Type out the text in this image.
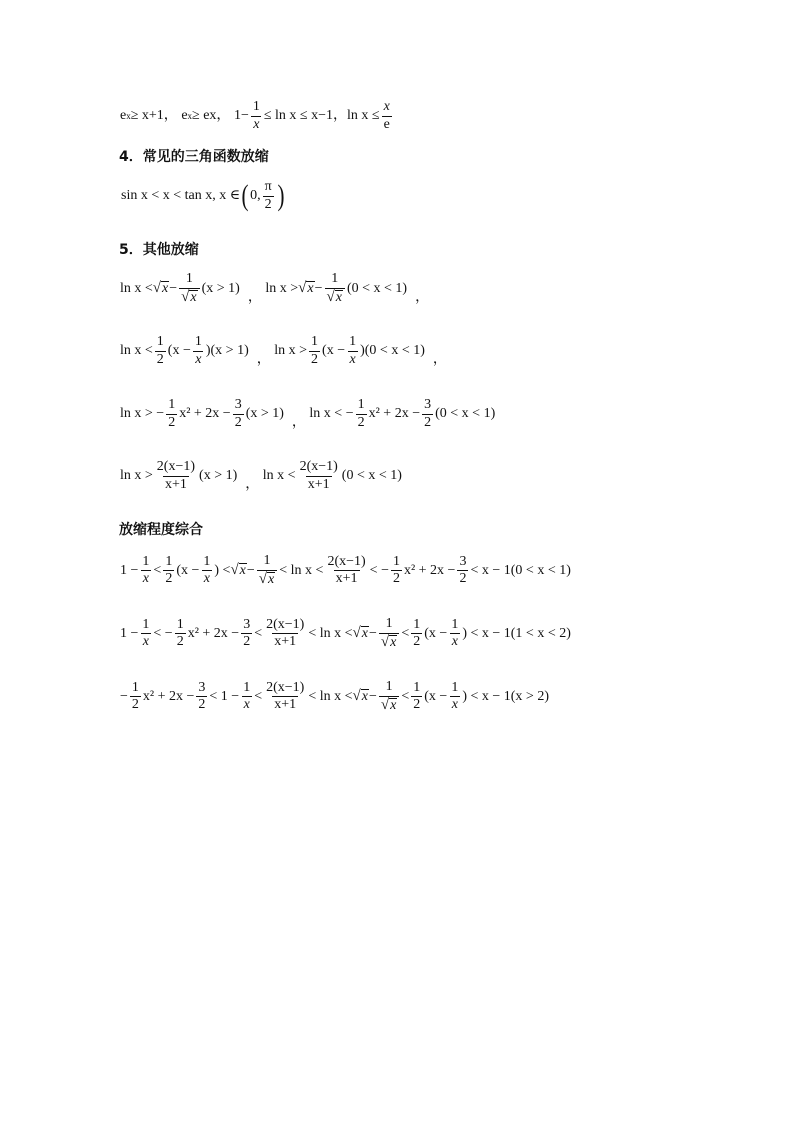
e x ≥ x+1，
e x ≥ ex，
$1- \frac{1}{x} \le \ln x \le x-1$， $\ln x \le \frac{x}{e}$
4．常见的三角函数放缩
sin x < x < tan x, x ∈ ( 0, $\frac{\pi}{2}$ )
5．其他放缩
ln x < √ $x - \frac{1}{√ x} (x > 1)$
，

ln x > √ $x - \frac{1}{√ x} (0 < x < 1)$
，
$\ln x < \frac{1}{2} (x - \frac{1}{x} )(x > 1)$
，

$\ln x > \frac{1}{2} (x - \frac{1}{x} )(0 < x < 1)$
，
ln x > − $\frac{1}{2} x^2 + 2x - \frac{3}{2} (x > 1)$
，

ln x < − $\frac{1}{2} x^2 + 2x - \frac{3}{2} (0 < x < 1)$
$\ln x > \frac{2(x-1)}{x+1} (x > 1)$
，

$\ln x < \frac{2(x-1)}{x+1} (0 < x < 1)$
放缩程度综合
$1 - \frac{1}{x} < \frac{1}{2} (x - \frac{1}{x}$ ) < √ $x - \frac{1}{√ x} < \ln x < \frac{2(x-1)}{x+1}$ < − $\frac{1}{2} x^2 + 2x - \frac{3}{2} < x - 1(0 < x < 1)$
$1 - \frac{1}{x}$ < − $\frac{1}{2} x^2 + 2x - \frac{3}{2} < \frac{2(x-1)}{x+1} < \ln x$ < √ $x - \frac{1}{√ x} < \frac{1}{2} (x - \frac{1}{x}$ ) < x − 1(1 < x < 2)
− $\frac{1}{2} x^2 + 2x - \frac{3}{2} < 1 - \frac{1}{x} < \frac{2(x-1)}{x+1} < \ln x$ < √ $x - \frac{1}{√ x} < \frac{1}{2} (x - \frac{1}{x}$ ) < x − 1(x > 2)
